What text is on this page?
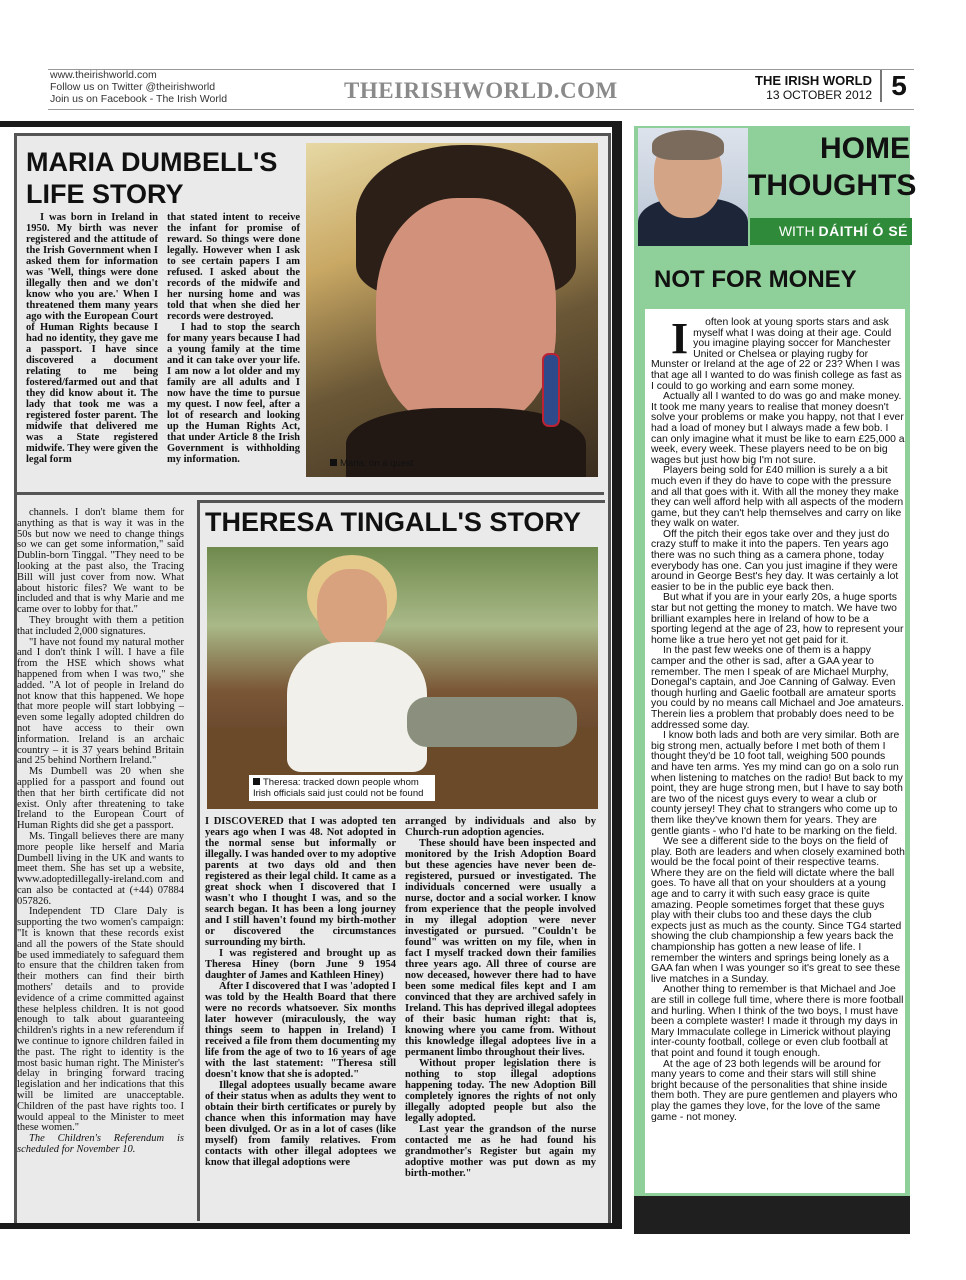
www.theirishworld.com
Follow us on Twitter @theirishworld
Join us on Facebook - The Irish World	THEIRISHWORLD.COM	THE IRISH WORLD
13 OCTOBER 2012 5
MARIA DUMBELL'S LIFE STORY

I was born in Ireland in 1950. My birth was never registered and the attitude of the Irish Government when I asked them for information was 'Well, things were done illegally then and we don't know who you are.' When I threatened them many years ago with the European Court of Human Rights because I had no identity, they gave me a passport. I have since discovered a document relating to me being fostered/farmed out and that they did know about it. The lady that took me was a registered foster parent. The midwife that delivered me was a State registered midwife. They were given the legal form

that stated intent to receive the infant for promise of reward. So things were done legally. However when I ask to see certain papers I am refused. I asked about the records of the midwife and her nursing home and was told that when she died her records were destroyed.

I had to stop the search for many years because I had a young family at the time and it can take over your life. I am now a lot older and my family are all adults and I now have the time to pursue my quest. I now feel, after a lot of research and looking up the Human Rights Act, that under Article 8 the Irish Government is withholding my information.	Maria: on a quest

channels. I don't blame them for anything as that is way it was in the 50s but now we need to change things so we can get some information," said Dublin-born Tinggal. "They need to be looking at the past also, the Tracing Bill will just cover from now. What about historic files? We want to be included and that is why Marie and me came over to lobby for that."

They brought with them a petition that included 2,000 signatures.

"I have not found my natural mother and I don't think I will. I have a file from the HSE which shows what happened from when I was two," she added. "A lot of people in Ireland do not know that this happened. We hope that more people will start lobbying – even some legally adopted children do not have access to their own information. Ireland is an archaic country – it is 37 years behind Britain and 25 behind Northern Ireland."

Ms Dumbell was 20 when she applied for a passport and found out then that her birth certificate did not exist. Only after threatening to take Ireland to the European Court of Human Rights did she get a passport.

Ms. Tingall believes there are many more people like herself and Maria Dumbell living in the UK and wants to meet them. She has set up a website, www.adoptedillegally-ireland.com and can also be contacted at (+44) 07884 057826.

Independent TD Clare Daly is supporting the two women's campaign: "It is known that these records exist and all the powers of the State should be used immediately to safeguard them to ensure that the children taken from their mothers can find their birth mothers' details and to provide evidence of a crime committed against these helpless children. It is not good enough to talk about guaranteeing children's rights in a new referendum if we continue to ignore children failed in the past. The right to identity is the most basic human right. The Minister's delay in bringing forward tracing legislation and her indications that this will be limited are unacceptable. Children of the past have rights too. I would appeal to the Minister to meet these women."

The Children's Referendum is scheduled for November 10.

THERESA TINGALL'S STORY
Theresa: tracked down people whom Irish officials said just could not be found

I DISCOVERED that I was adopted ten years ago when I was 48. Not adopted in the normal sense but informally or illegally. I was handed over to my adoptive parents at two days old and then registered as their legal child. It came as a great shock when I discovered that I wasn't who I thought I was, and so the search began. It has been a long journey and I still haven't found my birth-mother or discovered the circumstances surrounding my birth.

I was registered and brought up as Theresa Hiney (born June 9 1954 daughter of James and Kathleen Hiney)

After I discovered that I was 'adopted I was told by the Health Board that there were no records whatsoever. Six months later however (miraculously, the way things seem to happen in Ireland) I received a file from them documenting my life from the age of two to 16 years of age with the last statement: "Theresa still doesn't know that she is adopted."

Illegal adoptees usually became aware of their status when as adults they went to obtain their birth certificates or purely by chance when this information may have been divulged. Or as in a lot of cases (like myself) from family relatives. From contacts with other illegal adoptees we know that illegal adoptions were

arranged by individuals and also by Church-run adoption agencies.

These should have been inspected and monitored by the Irish Adoption Board but these agencies have never been de-registered, pursued or investigated. The individuals concerned were usually a nurse, doctor and a social worker. I know from experience that the people involved in my illegal adoption were never investigated or pursued. "Couldn't be found" was written on my file, when in fact I myself tracked down their families three years ago. All three of course are now deceased, however there had to have been some medical files kept and I am convinced that they are archived safely in Ireland. This has deprived illegal adoptees of their basic human right: that is, knowing where you came from. Without this knowledge illegal adoptees live in a permanent limbo throughout their lives.

Without proper legislation there is nothing to stop illegal adoptions happening today. The new Adoption Bill completely ignores the rights of not only illegally adopted people but also the legally adopted.

Last year the grandson of the nurse contacted me as he had found his grandmother's Register but again my adoptive mother was put down as my birth-mother."

HOME THOUGHTS
WITH DÁITHÍ Ó SÉ
NOT FOR MONEY

I often look at young sports stars and ask myself what I was doing at their age. Could you imagine playing soccer for Manchester United or Chelsea or playing rugby for Munster or Ireland at the age of 22 or 23? When I was that age all I wanted to do was finish college as fast as I could to go working and earn some money.

Actually all I wanted to do was go and make money. It took me many years to realise that money doesn't solve your problems or make you happy, not that I ever had a load of money but I always made a few bob. I can only imagine what it must be like to earn £25,000 a week, every week. These players need to be on big wages but just how big I'm not sure.

Players being sold for £40 million is surely a a bit much even if they do have to cope with the pressure and all that goes with it. With all the money they make they can well afford help with all aspects of the modern game, but they can't help themselves and carry on like they walk on water.

Off the pitch their egos take over and they just do crazy stuff to make it into the papers. Ten years ago there was no such thing as a camera phone, today everybody has one. Can you just imagine if they were around in George Best's hey day. It was certainly a lot easier to be in the public eye back then.

But what if you are in your early 20s, a huge sports star but not getting the money to match. We have two brilliant examples here in Ireland of how to be a sporting legend at the age of 23, how to represent your home like a true hero yet not get paid for it.

In the past few weeks one of them is a happy camper and the other is sad, after a GAA year to remember. The men I speak of are Michael Murphy, Donegal's captain, and Joe Canning of Galway. Even though hurling and Gaelic football are amateur sports you could by no means call Michael and Joe amateurs. Therein lies a problem that probably does need to be addressed some day.

I know both lads and both are very similar. Both are big strong men, actually before I met both of them I thought they'd be 10 foot tall, weighing 500 pounds and have ten arms. Yes my mind can go on a solo run when listening to matches on the radio! But back to my point, they are huge strong men, but I have to say both are two of the nicest guys every to wear a club or county jersey! They chat to strangers who come up to them like they've known them for years. They are gentle giants - who I'd hate to be marking on the field.

We see a different side to the boys on the field of play. Both are leaders and when closely examined both would be the focal point of their respective teams. Where they are on the field will dictate where the ball goes. To have all that on your shoulders at a young age and to carry it with such easy grace is quite amazing. People sometimes forget that these guys play with their clubs too and these days the club expects just as much as the county. Since TG4 started showing the club championship a few years back the championship has gotten a new lease of life. I remember the winters and springs being lonely as a GAA fan when I was younger so it's great to see these live matches in a Sunday.

Another thing to remember is that Michael and Joe are still in college full time, where there is more football and hurling. When I think of the two boys, I must have been a complete waster! I made it through my days in Mary Immaculate college in Limerick without playing inter-county football, college or even club football at that point and found it tough enough.

At the age of 23 both legends will be around for many years to come and their stars will still shine bright because of the personalities that shine inside them both. They are pure gentlemen and players who play the games they love, for the love of the same game - not money.
